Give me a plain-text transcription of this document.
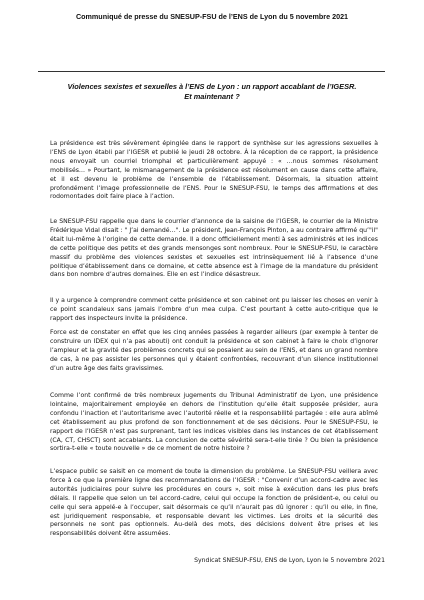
Communiqué de presse du SNESUP-FSU de l’ENS de Lyon du 5 novembre 2021
Violences sexistes et sexuelles à l’ENS de Lyon : un rapport accablant de l’IGESR.
Et maintenant ?

La présidence est très sévèrement épinglée dans le rapport de synthèse sur les agressions sexuelles à l’ENS de Lyon établi par l’IGESR et publié le jeudi 28 octobre. À la réception de ce rapport, la présidence nous envoyait un courriel triomphal et particulièrement appuyé : « …nous sommes résolument mobilisés… » Pourtant, le mismanagement de la présidence est résolument en cause dans cette affaire, et il est devenu le problème de l’ensemble de l’établissement. Désormais, la situation atteint profondément l’image professionnelle de l’ENS. Pour le SNESUP-FSU, le temps des affirmations et des rodomontades doit faire place à l’action.

Le SNESUP-FSU rappelle que dans le courrier d’annonce de la saisine de l’IGESR, le courrier de la Ministre Frédérique Vidal disait : " J’ai demandé…". Le président, Jean-François Pinton, a au contraire affirmé qu’"il" était lui-même à l’origine de cette demande. Il a donc officiellement menti à ses administrés et les indices de cette politique des petits et des grands mensonges sont nombreux. Pour le SNESUP-FSU, le caractère massif du problème des violences sexistes et sexuelles est intrinsèquement lié à l’absence d’une politique d’établissement dans ce domaine, et cette absence est à l’image de la mandature du président dans bon nombre d’autres domaines. Elle en est l’indice désastreux.

Il y a urgence à comprendre comment cette présidence et son cabinet ont pu laisser les choses en venir à ce point scandaleux sans jamais l’ombre d’un mea culpa. C’est pourtant à cette auto-critique que le rapport des inspecteurs invite la présidence.

Force est de constater en effet que les cinq années passées à regarder ailleurs (par exemple à tenter de construire un IDEX qui n’a pas abouti) ont conduit la présidence et son cabinet à faire le choix d’ignorer l’ampleur et la gravité des problèmes concrets qui se posaient au sein de l’ENS, et dans un grand nombre de cas, à ne pas assister les personnes qui y étaient confrontées, recouvrant d’un silence institutionnel d’un autre âge des faits gravissimes.

Comme l’ont confirmé de très nombreux jugements du Tribunal Administratif de Lyon, une présidence lointaine, majoritairement employée en dehors de l’institution qu’elle était supposée présider, aura confondu l’inaction et l’autoritarisme avec l’autorité réelle et la responsabilité partagée : elle aura abîmé cet établissement au plus profond de son fonctionnement et de ses décisions. Pour le SNESUP-FSU, le rapport de l’IGESR n’est pas surprenant, tant les indices visibles dans les instances de cet établissement (CA, CT, CHSCT) sont accablants. La conclusion de cette sévérité sera-t-elle tirée ? Ou bien la présidence sortira-t-elle « toute nouvelle » de ce moment de notre histoire ?

L’espace public se saisit en ce moment de toute la dimension du problème. Le SNESUP-FSU veillera avec force à ce que la première ligne des recommandations de l’IGESR : "Convenir d’un accord-cadre avec les autorités judiciaires pour suivre les procédures en cours », soit mise à exécution dans les plus brefs délais. Il rappelle que selon un tel accord-cadre, celui qui occupe la fonction de président-e, ou celui ou celle qui sera appelé-e à l’occuper, sait désormais ce qu’il n’aurait pas dû ignorer : qu’il ou elle, in fine, est juridiquement responsable, et responsable devant les victimes. Les droits et la sécurité des personnels ne sont pas optionnels. Au-delà des mots, des décisions doivent être prises et les responsabilités doivent être assumées.

Syndicat SNESUP-FSU, ENS de Lyon, Lyon le 5 novembre 2021
